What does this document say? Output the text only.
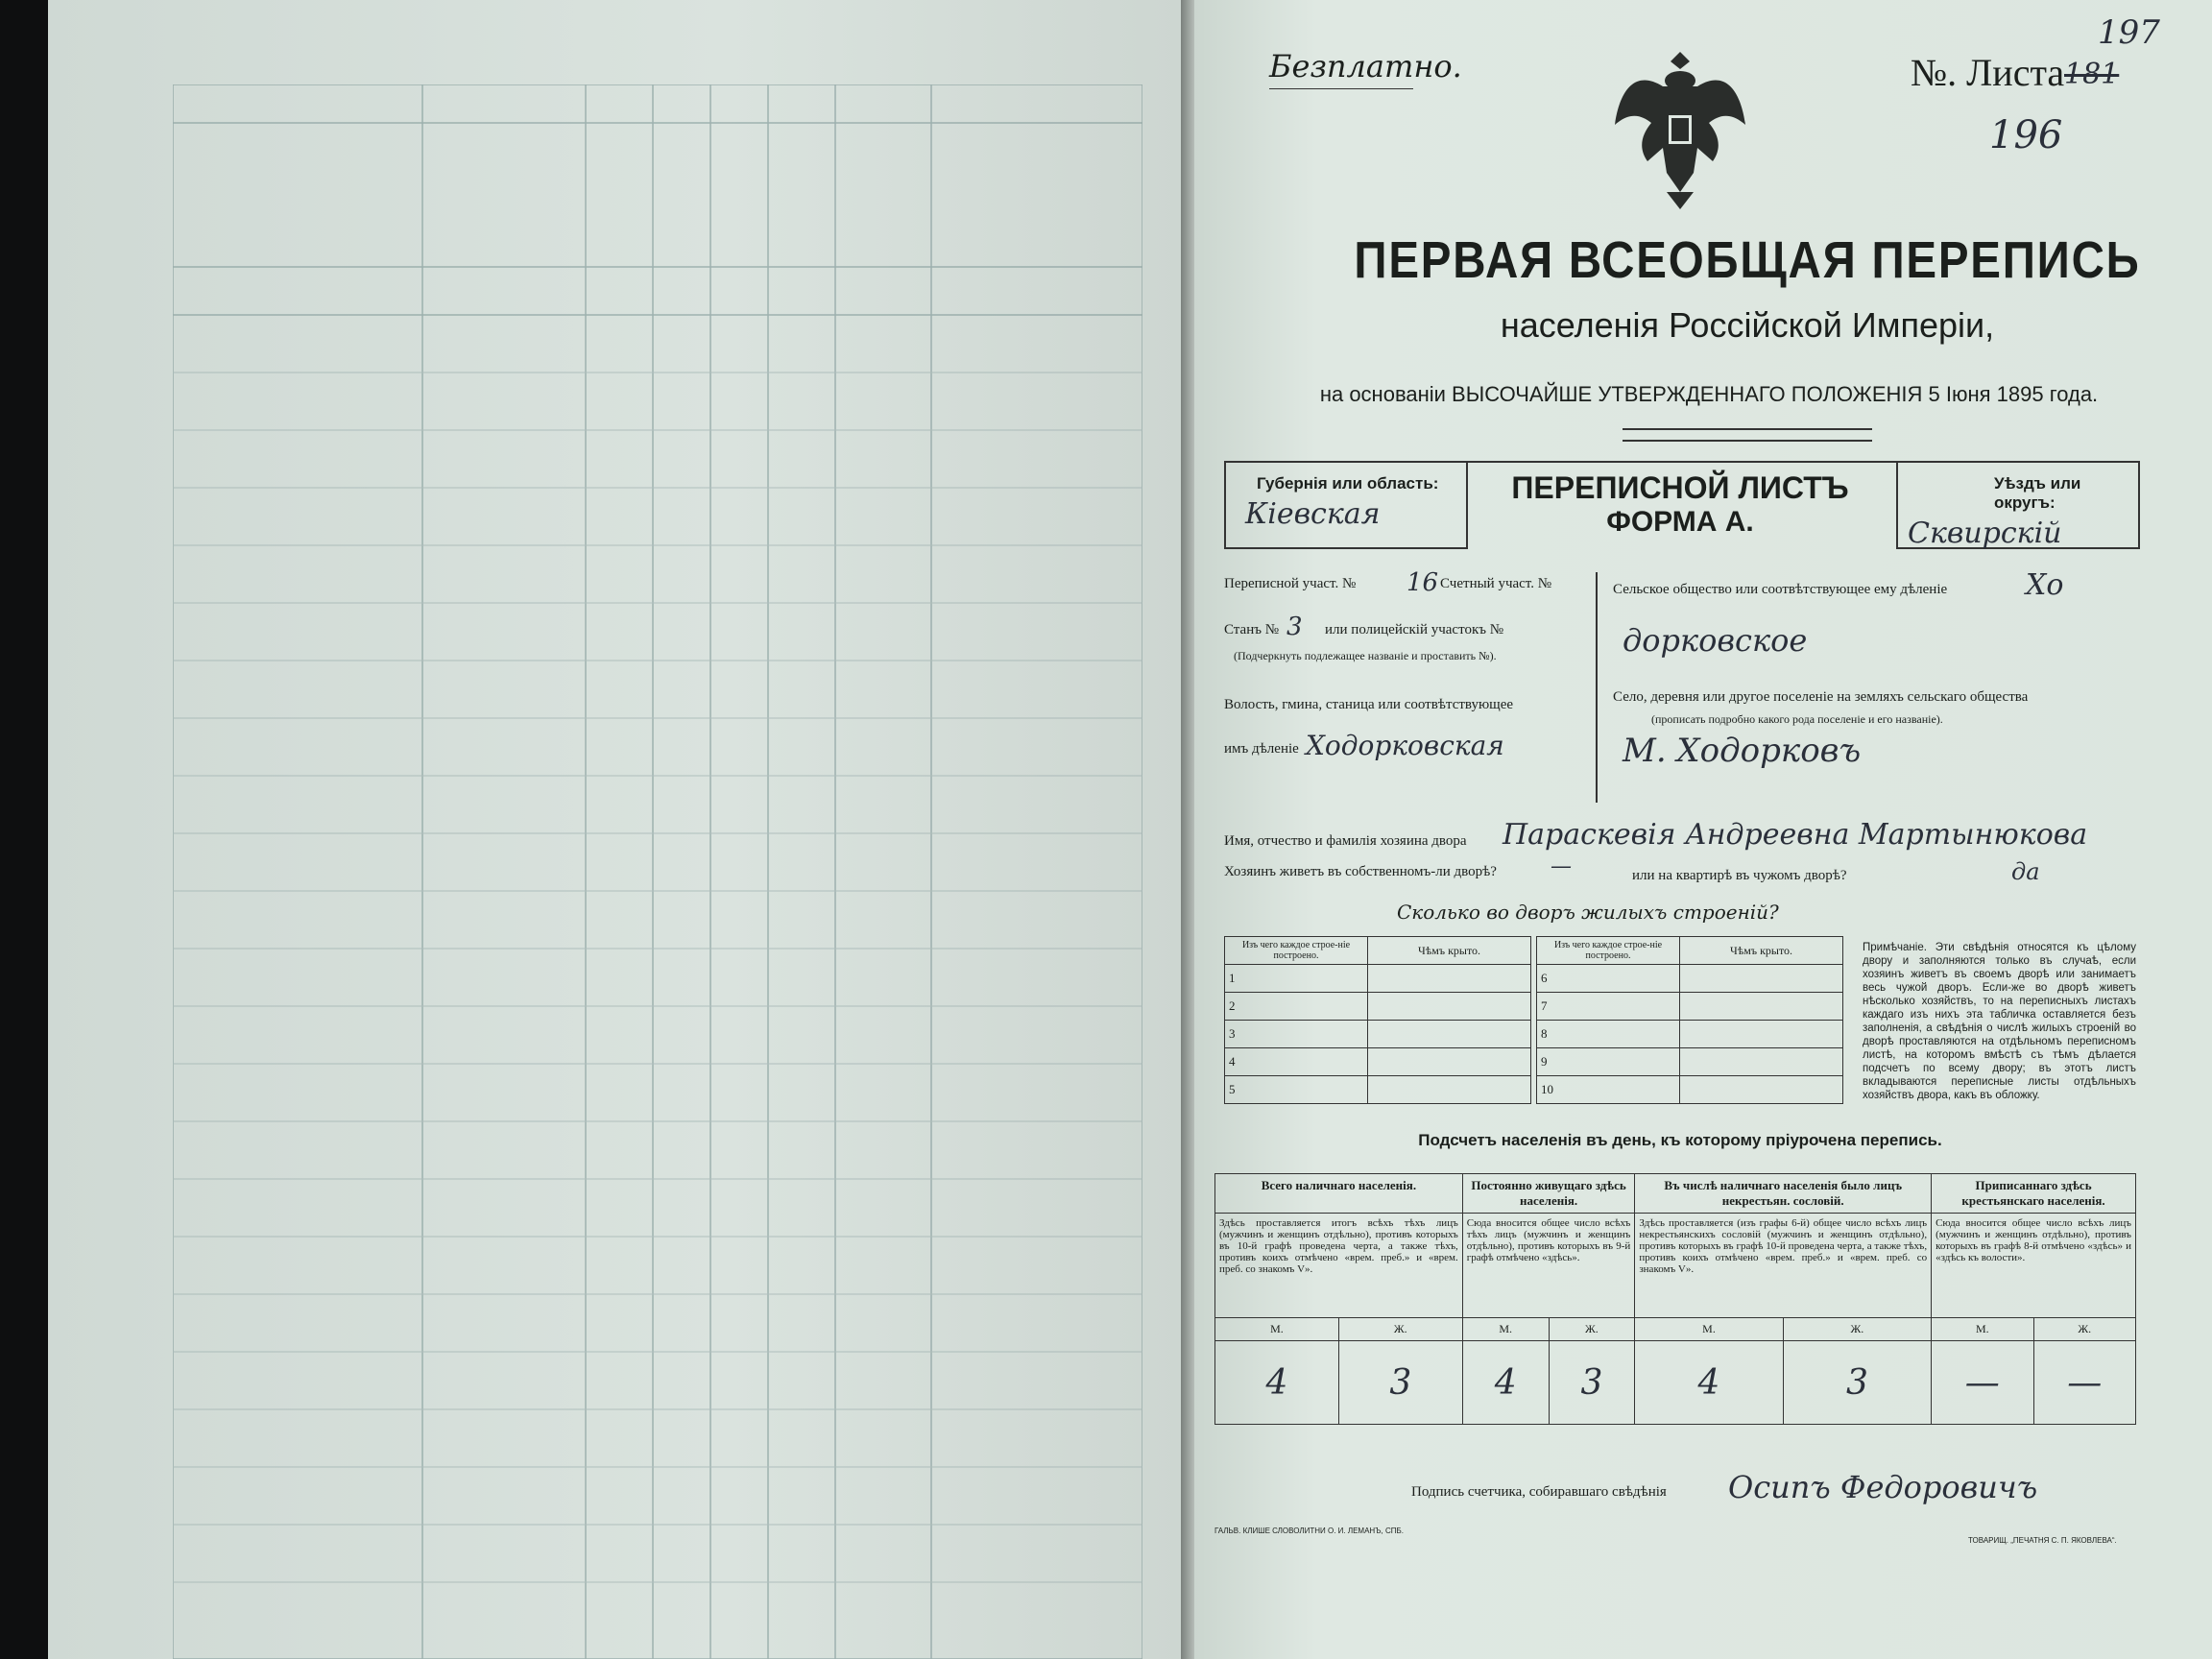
197
Безплатно.	№. Листа 181
196
ПЕРВАЯ ВСЕОБЩАЯ ПЕРЕПИСЬ
населенія Россійской Имперіи,
на основаніи ВЫСОЧАЙШЕ УТВЕРЖДЕННАГО ПОЛОЖЕНІЯ 5 Іюня 1895 года.
Губернія или область:
Кіевская
ПЕРЕПИСНОЙ ЛИСТЪ
ФОРМА А.
Уѣздъ или округъ:
Сквирскій
Переписной участ. № 16 Счетный участ. №
Станъ № 3 или полицейскій участокъ №
(Подчеркнуть подлежащее названіе и проставить №).
Волость, гмина, станица или соотвѣтствующее
имъ дѣленіе Ходорковская
Сельское общество или соотвѣтствующее ему дѣленіе	Хо
дорковское
Село, деревня или другое поселеніе на земляхъ сельскаго общества
(прописать подробно какого рода поселеніе и его названіе).
М. Ходорковъ
Имя, отчество и фамилія хозяина двора Параскевія Андреевна Мартынюкова
Хозяинъ живетъ въ собственномъ-ли дворѣ?	—	или на квартирѣ въ чужомъ дворѣ?	да
Сколько во дворъ жилыхъ строеній?
Изъ чего каждое строе-ніе построено.	Чѣмъ крыто.
1	
2	
3	
4	
5	
Изъ чего каждое строе-ніе построено.	Чѣмъ крыто.
6	
7	
8	
9	
10	
Примѣчаніе. Эти свѣдѣнія относятся къ цѣлому двору и заполняются только въ случаѣ, если хозяинъ живетъ въ своемъ дворѣ или занимаетъ весь чужой дворъ. Если-же во дворѣ живетъ нѣсколько хозяйствъ, то на переписныхъ листахъ каждаго изъ нихъ эта табличка оставляется безъ заполненія, а свѣдѣнія о числѣ жилыхъ строеній во дворѣ проставляются на отдѣльномъ переписномъ листѣ, на которомъ вмѣстѣ съ тѣмъ дѣлается подсчетъ по всему двору; въ этотъ листъ вкладываются переписные листы отдѣльныхъ хозяйствъ двора, какъ въ обложку.
Подсчетъ населенія въ день, къ которому пріурочена перепись.
Всего наличнаго населенія.		Постоянно живущаго здѣсь населенія.		Въ числѣ наличнаго населенія было лицъ некрестьян. сословій.		Приписаннаго здѣсь крестьянскаго населенія.	
Здѣсь проставляется итогъ всѣхъ тѣхъ лицъ (мужчинъ и женщинъ отдѣльно), противъ которыхъ въ 10-й графѣ проведена черта, а также тѣхъ, противъ коихъ отмѣчено «врем. преб.» и «врем. преб. со знакомъ V».		Сюда вносится общее число всѣхъ тѣхъ лицъ (мужчинъ и женщинъ отдѣльно), противъ которыхъ въ 9-й графѣ отмѣчено «здѣсь».		Здѣсь проставляется (изъ графы 6-й) общее число всѣхъ лицъ некрестьянскихъ сословій (мужчинъ и женщинъ отдѣльно), противъ которыхъ въ графѣ 10-й проведена черта, а также тѣхъ, противъ коихъ отмѣчено «врем. преб.» и «врем. преб. со знакомъ V».		Сюда вносится общее число всѣхъ лицъ (мужчинъ и женщинъ отдѣльно), противъ которыхъ въ графѣ 8-й отмѣчено «здѣсь» и «здѣсь къ волости».	
М.	Ж.	М.	Ж.	М.	Ж.	М.	Ж.
4	3	4	3	4	3	—	—
Подпись счетчика, собиравшаго свѣдѣнія Осипъ Федоровичъ
ГАЛЬВ. КЛИШЕ СЛОВОЛИТНИ О. И. ЛЕМАНЪ, СПБ.
ТОВАРИЩ. „ПЕЧАТНЯ С. П. ЯКОВЛЕВА“.
